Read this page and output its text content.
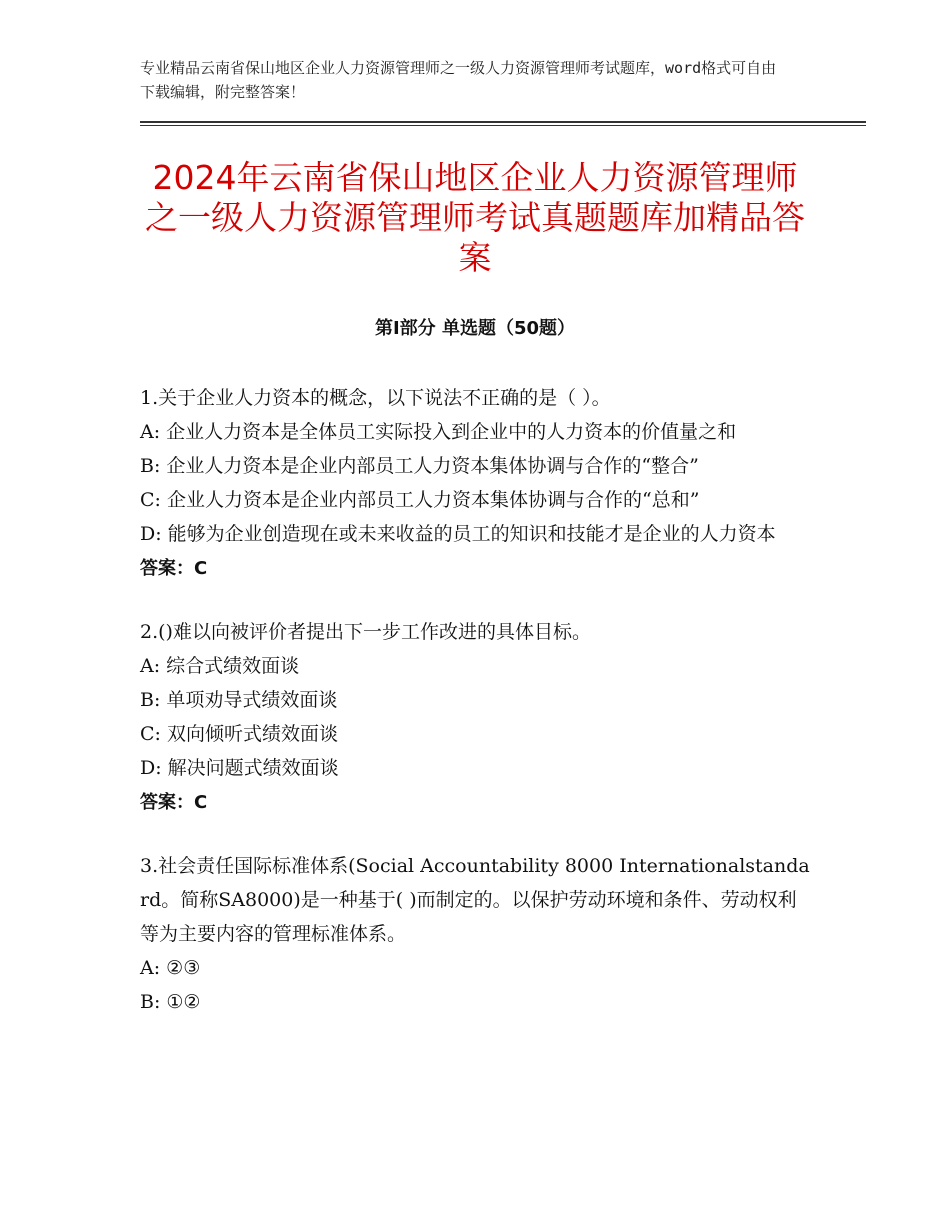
专业精品云南省保山地区企业人力资源管理师之一级人力资源管理师考试题库，word格式可自由下载编辑，附完整答案！
2024年云南省保山地区企业人力资源管理师之一级人力资源管理师考试真题题库加精品答案
第Ⅰ部分 单选题（50题）
1.关于企业人力资本的概念，以下说法不正确的是（ ）。
A: 企业人力资本是全体员工实际投入到企业中的人力资本的价值量之和
B: 企业人力资本是企业内部员工人力资本集体协调与合作的“整合”
C: 企业人力资本是企业内部员工人力资本集体协调与合作的“总和”
D: 能够为企业创造现在或未来收益的员工的知识和技能才是企业的人力资本
答案：C
2.()难以向被评价者提出下一步工作改进的具体目标。
A: 综合式绩效面谈
B: 单项劝导式绩效面谈
C: 双向倾听式绩效面谈
D: 解决问题式绩效面谈
答案：C
3.社会责任国际标准体系(Social Accountability 8000 Internationalstandard。简称SA8000)是一种基于( )而制定的。以保护劳动环境和条件、劳动权利等为主要内容的管理标准体系。
A: ②③
B: ①②
